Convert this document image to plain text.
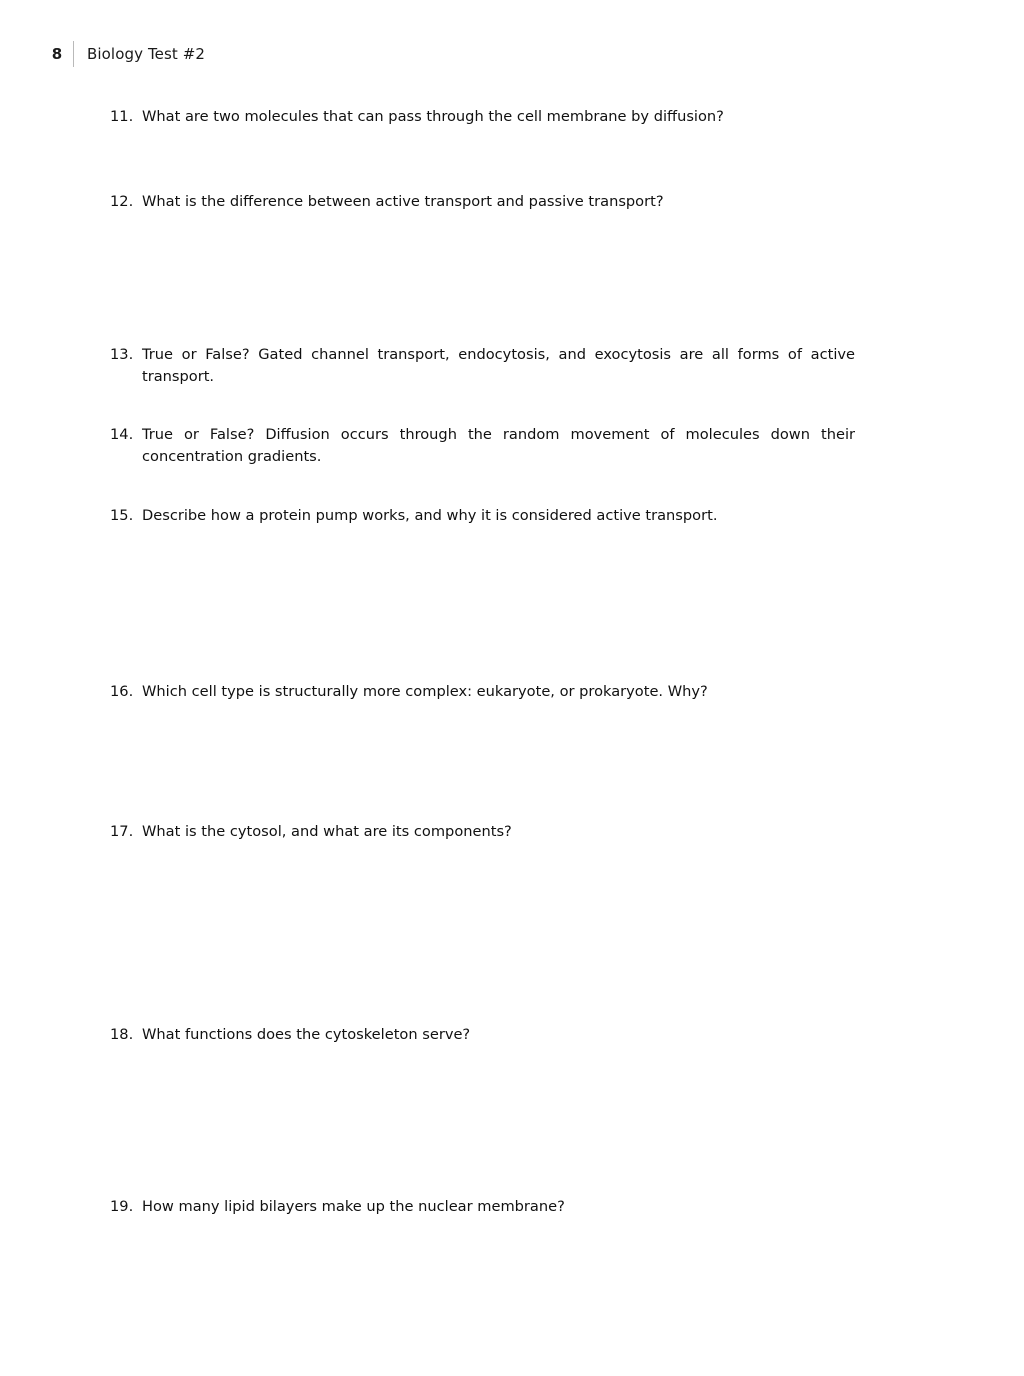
8 Biology Test #2
11. What are two molecules that can pass through the cell membrane by diffusion?
12. What is the difference between active transport and passive transport?
13. True or False? Gated channel transport, endocytosis, and exocytosis are all forms of active transport.
14. True or False? Diffusion occurs through the random movement of molecules down their concentration gradients.
15. Describe how a protein pump works, and why it is considered active transport.
16. Which cell type is structurally more complex: eukaryote, or prokaryote. Why?
17. What is the cytosol, and what are its components?
18. What functions does the cytoskeleton serve?
19. How many lipid bilayers make up the nuclear membrane?
